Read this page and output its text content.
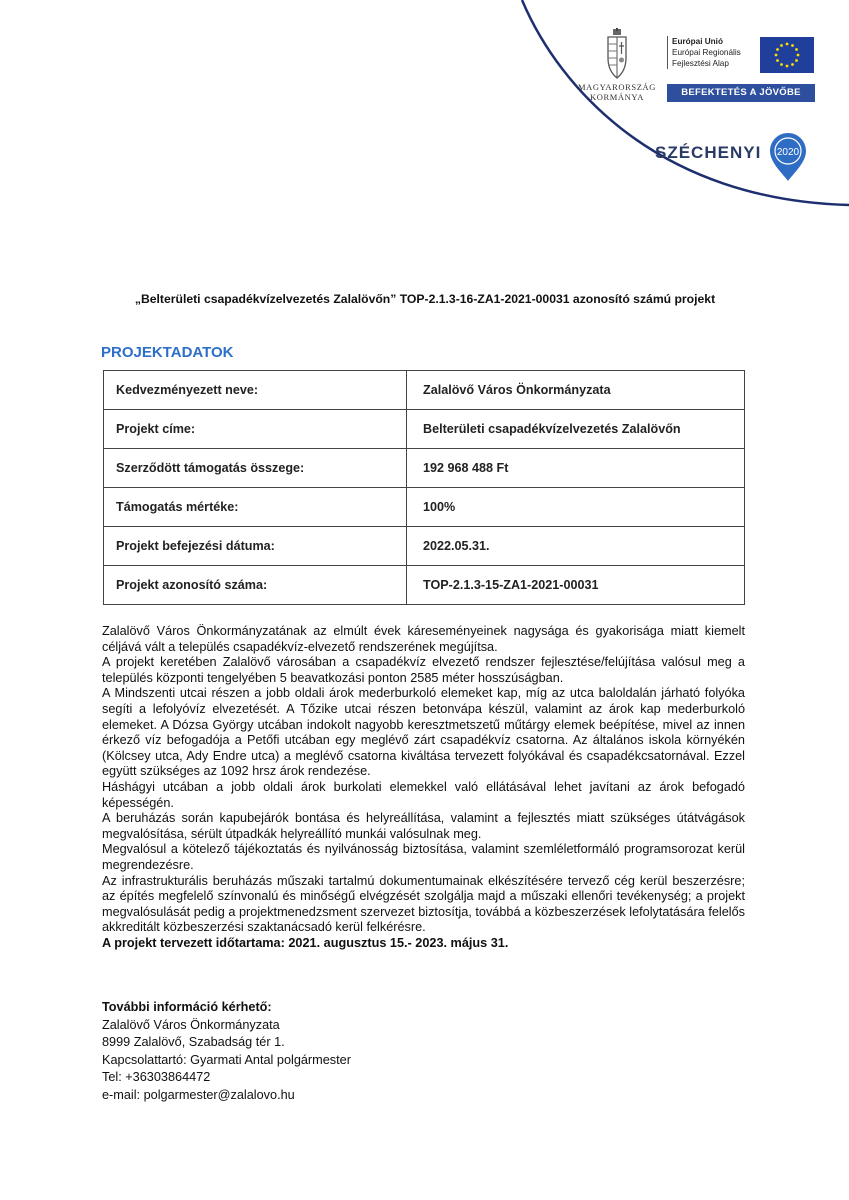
MAGYARORSZÁG
KORMÁNYA
Európai Unió
Európai Regionális
Fejlesztési Alap
BEFEKTETÉS A JÖVŐBE
SZÉCHENYI 2020
„Belterületi csapadékvízelvezetés Zalalövőn” TOP-2.1.3-16-ZA1-2021-00031 azonosító számú projekt
PROJEKTADATOK
Kedvezményezett neve:	Zalalövő Város Önkormányzata
Projekt címe:	Belterületi csapadékvízelvezetés Zalalövőn
Szerződött támogatás összege:	192 968 488 Ft
Támogatás mértéke:	100%
Projekt befejezési dátuma:	2022.05.31.
Projekt azonosító száma:	TOP-2.1.3-15-ZA1-2021-00031

Zalalövő Város Önkormányzatának az elmúlt évek káreseményeinek nagysága és gyakorisága miatt kiemelt céljává vált a település csapadékvíz-elvezető rendszerének megújítsa.

A projekt keretében Zalalövő városában a csapadékvíz elvezető rendszer fejlesztése/felújítása valósul meg a település központi tengelyében 5 beavatkozási ponton 2585 méter hosszúságban.

A Mindszenti utcai részen a jobb oldali árok mederburkoló elemeket kap, míg az utca baloldalán járható folyóka segíti a lefolyóvíz elvezetését. A Tőzike utcai részen betonvápa készül, valamint az árok kap mederburkoló elemeket. A Dózsa György utcában indokolt nagyobb keresztmetszetű műtárgy elemek beépítése, mivel az innen érkező víz befogadója a Petőfi utcában egy meglévő zárt csapadékvíz csatorna. Az általános iskola környékén (Kölcsey utca, Ady Endre utca) a meglévő csatorna kiváltása tervezett folyókával és csapadékcsatornával. Ezzel együtt szükséges az 1092 hrsz árok rendezése.

Háshágyi utcában a jobb oldali árok burkolati elemekkel való ellátásával lehet javítani az árok befogadó képességén.

A beruházás során kapubejárók bontása és helyreállítása, valamint a fejlesztés miatt szükséges útátvágások megvalósítása, sérült útpadkák helyreállító munkái valósulnak meg.

Megvalósul a kötelező tájékoztatás és nyilvánosság biztosítása, valamint szemléletformáló programsorozat kerül megrendezésre.

Az infrastrukturális beruházás műszaki tartalmú dokumentumainak elkészítésére tervező cég kerül beszerzésre; az építés megfelelő színvonalú és minőségű elvégzését szolgálja majd a műszaki ellenőri tevékenység; a projekt megvalósulását pedig a projektmenedzsment szervezet biztosítja, továbbá a közbeszerzések lefolytatására felelős akkreditált közbeszerzési szaktanácsadó kerül felkérésre.

A projekt tervezett időtartama: 2021. augusztus 15.- 2023. május 31.

További információ kérhető:
Zalalövő Város Önkormányzata
8999 Zalalövő, Szabadság tér 1.
Kapcsolattartó: Gyarmati Antal polgármester
Tel: +36303864472
e-mail: polgarmester@zalalovo.hu
